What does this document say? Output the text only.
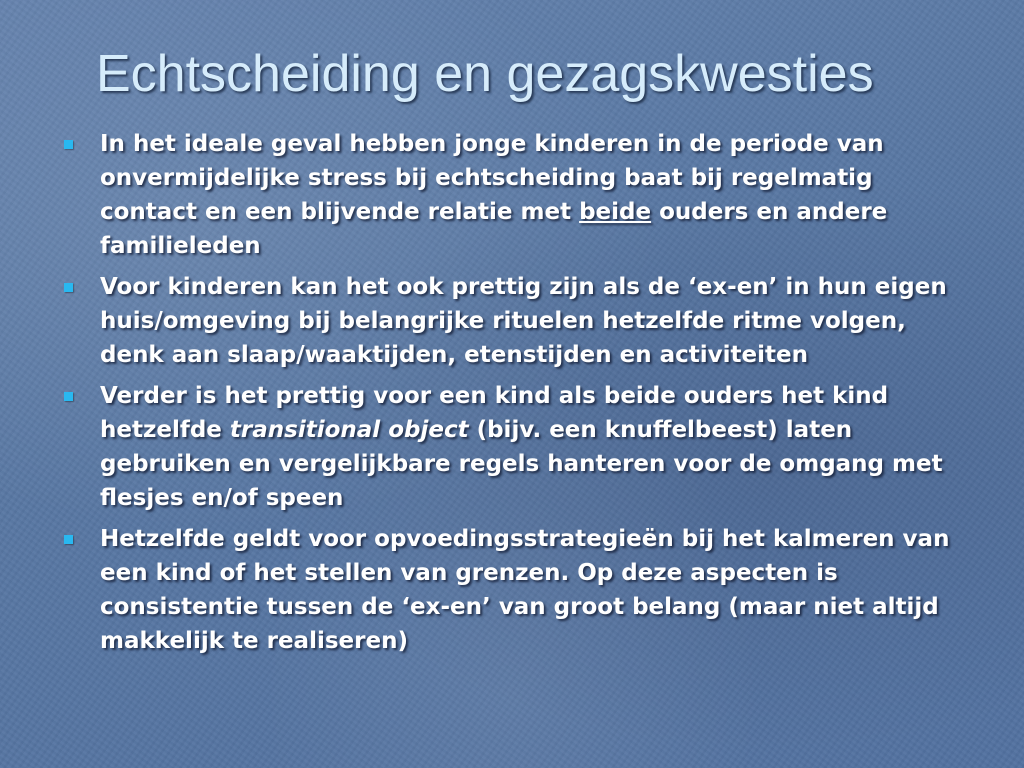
Echtscheiding en gezagskwesties
In het ideale geval hebben jonge kinderen in de periode van onvermijdelijke stress bij echtscheiding baat bij regelmatig contact en een blijvende relatie met beide ouders en andere familieleden
Voor kinderen kan het ook prettig zijn als de ‘ex-en’ in hun eigen huis/omgeving bij belangrijke rituelen hetzelfde ritme volgen, denk aan slaap/waaktijden, etenstijden en activiteiten
Verder is het prettig voor een kind als beide ouders het kind hetzelfde transitional object (bijv. een knuffelbeest) laten gebruiken en vergelijkbare regels hanteren voor de omgang met flesjes en/of speen
Hetzelfde geldt voor opvoedingsstrategieën bij het kalmeren van een kind of het stellen van grenzen. Op deze aspecten is consistentie tussen de ‘ex-en’ van groot belang (maar niet altijd makkelijk te realiseren)
